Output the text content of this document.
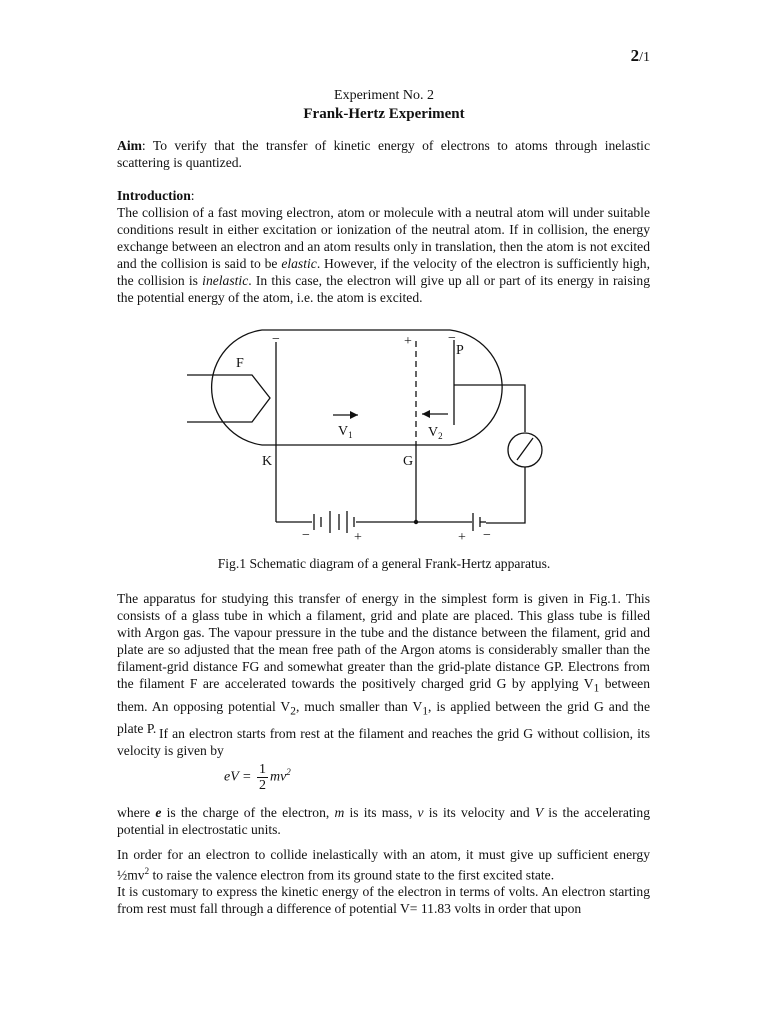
2/1
Experiment No. 2
Frank-Hertz Experiment
Aim: To verify that the transfer of kinetic energy of electrons to atoms through inelastic scattering is quantized.
Introduction:
The collision of a fast moving electron, atom or molecule with a neutral atom will under suitable conditions result in either excitation or ionization of the neutral atom. If in collision, the energy exchange between an electron and an atom results only in translation, then the atom is not excited and the collision is said to be elastic. However, if the velocity of the electron is sufficiently high, the collision is inelastic. In this case, the electron will give up all or part of its energy in raising the potential energy of the atom, i.e. the atom is excited.
F
K	G
P
$V_1$	$V_2$
−	+	−
−	+	+ −
Fig.1 Schematic diagram of a general Frank-Hertz apparatus.
The apparatus for studying this transfer of energy in the simplest form is given in Fig.1. This consists of a glass tube in which a filament, grid and plate are placed. This glass tube is filled with Argon gas. The vapour pressure in the tube and the distance between the filament, grid and plate are so adjusted that the mean free path of the Argon atoms is considerably smaller than the filament-grid distance FG and somewhat greater than the grid-plate distance GP. Electrons from the filament F are accelerated towards the positively charged grid G by applying $V_1$ between them. An opposing potential $V_2$, much smaller than $V_1$, is applied between the grid G and the plate P. If an electron starts from rest at the filament and reaches the grid G without collision, its velocity is given by
eV = $\frac{1}{2} mv^2$
where e is the charge of the electron, m is its mass, v is its velocity and V is the accelerating potential in electrostatic units.
In order for an electron to collide inelastically with an atom, it must give up sufficient energy $\frac{1}{2}mv^2$ to raise the valence electron from its ground state to the first excited state.
It is customary to express the kinetic energy of the electron in terms of volts. An electron starting from rest must fall through a difference of potential V= 11.83 volts in order that upon
